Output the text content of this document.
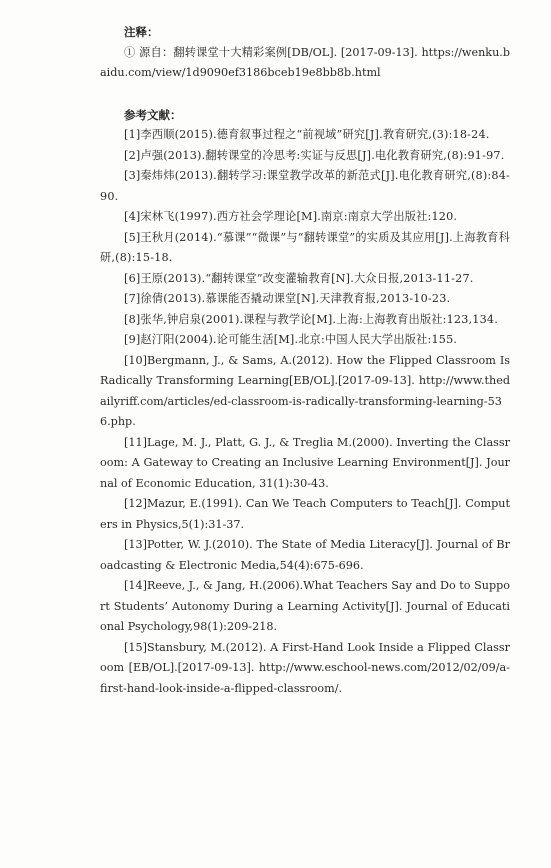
注释：
① 源自：翻转课堂十大精彩案例[DB/OL]. [2017-09-13]. https://wenku.baidu.com/view/1d9090ef3186bceb19e8bb8b.html
参考文献：
[1]李西顺(2015).德育叙事过程之“前视域”研究[J].教育研究,(3):18-24.
[2]卢强(2013).翻转课堂的冷思考:实证与反思[J].电化教育研究,(8):91-97.
[3]秦炜炜(2013).翻转学习:课堂教学改革的新范式[J].电化教育研究,(8):84-90.
[4]宋林飞(1997).西方社会学理论[M].南京:南京大学出版社:120.
[5]王秋月(2014).“慕课”“微课”与“翻转课堂”的实质及其应用[J].上海教育科研,(8):15-18.
[6]王原(2013).“翻转课堂”改变灌输教育[N].大众日报,2013-11-27.
[7]徐倩(2013).慕课能否撬动课堂[N].天津教育报,2013-10-23.
[8]张华,钟启泉(2001).课程与教学论[M].上海:上海教育出版社:123,134.
[9]赵汀阳(2004).论可能生活[M].北京:中国人民大学出版社:155.
[10]Bergmann, J., & Sams, A.(2012). How the Flipped Classroom Is Radically Transforming Learning[EB/OL].[2017-09-13]. http://www.thedailyriff.com/articles/ed-classroom-is-radically-transforming-learning-536.php.
[11]Lage, M. J., Platt, G. J., & Treglia M.(2000). Inverting the Classroom: A Gateway to Creating an Inclusive Learning Environment[J]. Journal of Economic Education, 31(1):30-43.
[12]Mazur, E.(1991). Can We Teach Computers to Teach[J]. Computers in Physics,5(1):31-37.
[13]Potter, W. J.(2010). The State of Media Literacy[J]. Journal of Broadcasting & Electronic Media,54(4):675-696.
[14]Reeve, J., & Jang, H.(2006).What Teachers Say and Do to Support Students’ Autonomy During a Learning Activity[J]. Journal of Educational Psychology,98(1):209-218.
[15]Stansbury, M.(2012). A First-Hand Look Inside a Flipped Classroom [EB/OL].[2017-09-13]. http://www.eschool-news.com/2012/02/09/a-first-hand-look-inside-a-flipped-classroom/.
